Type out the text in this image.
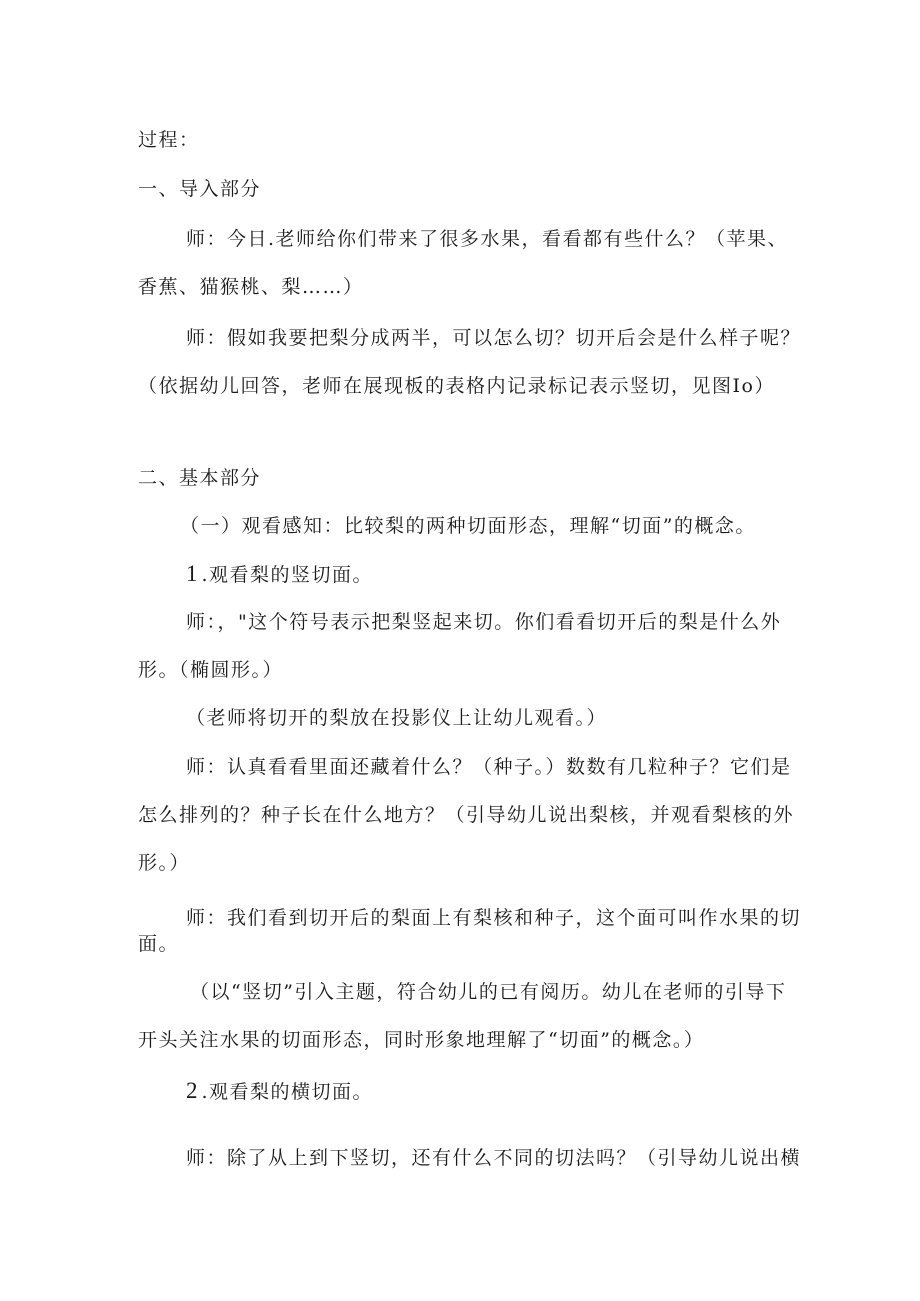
过程：
一、导入部分
师：今日.老师给你们带来了很多水果，看看都有些什么？（苹果、
香蕉、猫猴桃、梨……）
师：假如我要把梨分成两半，可以怎么切？切开后会是什么样子呢？
（依据幼儿回答，老师在展现板的表格内记录标记表示竖切，见图Io）
二、基本部分
（一）观看感知：比较梨的两种切面形态，理解“切面”的概念。
1 .观看梨的竖切面。
师：，"这个符号表示把梨竖起来切。你们看看切开后的梨是什么外
形。（椭圆形。）
（老师将切开的梨放在投影仪上让幼儿观看。）
师：认真看看里面还藏着什么？（种子。）数数有几粒种子？它们是
怎么排列的？种子长在什么地方？（引导幼儿说出梨核，并观看梨核的外
形。）
师：我们看到切开后的梨面上有梨核和种子，这个面可叫作水果的切
面。
（以“竖切”引入主题，符合幼儿的已有阅历。幼儿在老师的引导下
开头关注水果的切面形态，同时形象地理解了“切面”的概念。）
2 .观看梨的横切面。
师：除了从上到下竖切，还有什么不同的切法吗？（引导幼儿说出横
